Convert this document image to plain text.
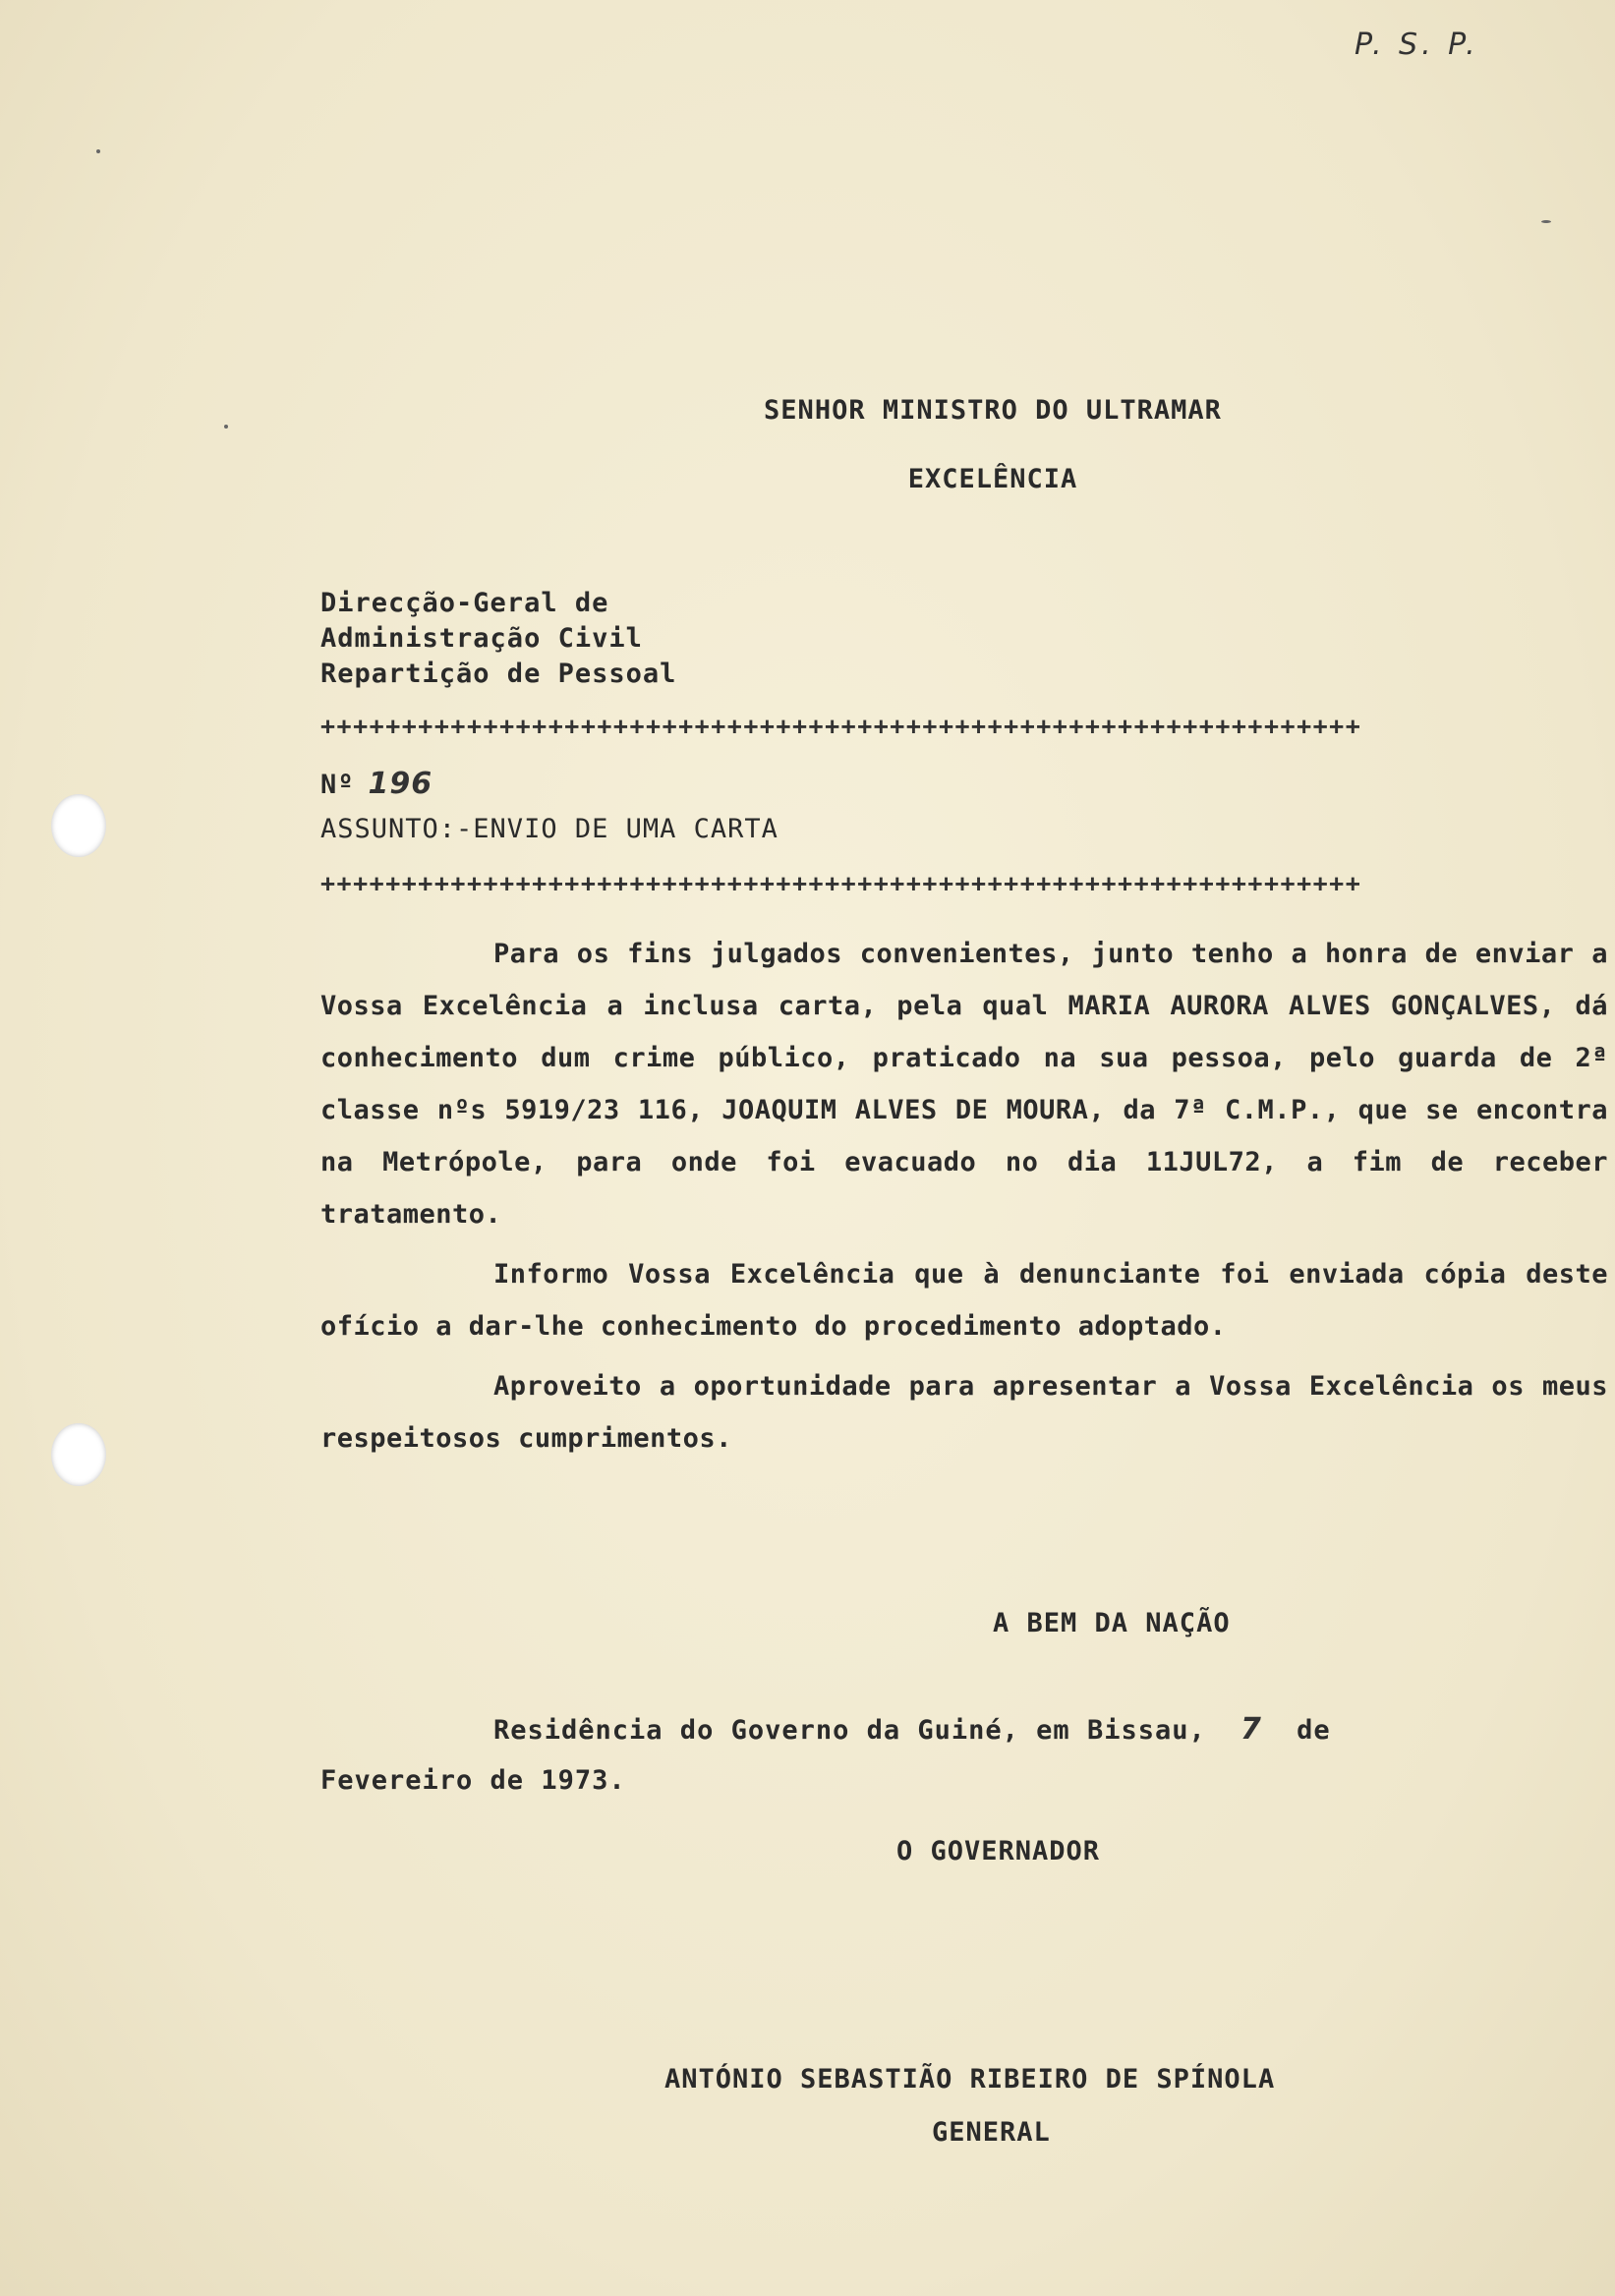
P. S. P.
SENHOR MINISTRO DO ULTRAMAR
EXCELÊNCIA
Direcção-Geral de
Administração Civil
Repartição de Pessoal
++++++++++++++++++++++++++++++++++++++++++++++++++++++++++++++++
Nº 196
ASSUNTO:-ENVIO DE UMA CARTA
++++++++++++++++++++++++++++++++++++++++++++++++++++++++++++++++

Para os fins julgados convenientes, junto tenho a honra de enviar a Vossa Excelência a inclusa carta, pela qual MARIA AURORA ALVES GONÇALVES, dá conhecimento dum crime público, praticado na sua pessoa, pelo guarda de 2ª classe nºs 5919/23 116, JOAQUIM ALVES DE MOURA, da 7ª C.M.P., que se encontra na Metrópole, para onde foi evacuado no dia 11JUL72, a fim de receber tratamento.

Informo Vossa Excelência que à denunciante foi enviada cópia deste ofício a dar-lhe conhecimento do procedimento adoptado.

Aproveito a oportunidade para apresentar a Vossa Excelência os meus respeitosos cumprimentos.

A BEM DA NAÇÃO
Residência do Governo da Guiné, em Bissau, 7 de
Fevereiro de 1973.
O GOVERNADOR
ANTÓNIO SEBASTIÃO RIBEIRO DE SPÍNOLA
GENERAL
